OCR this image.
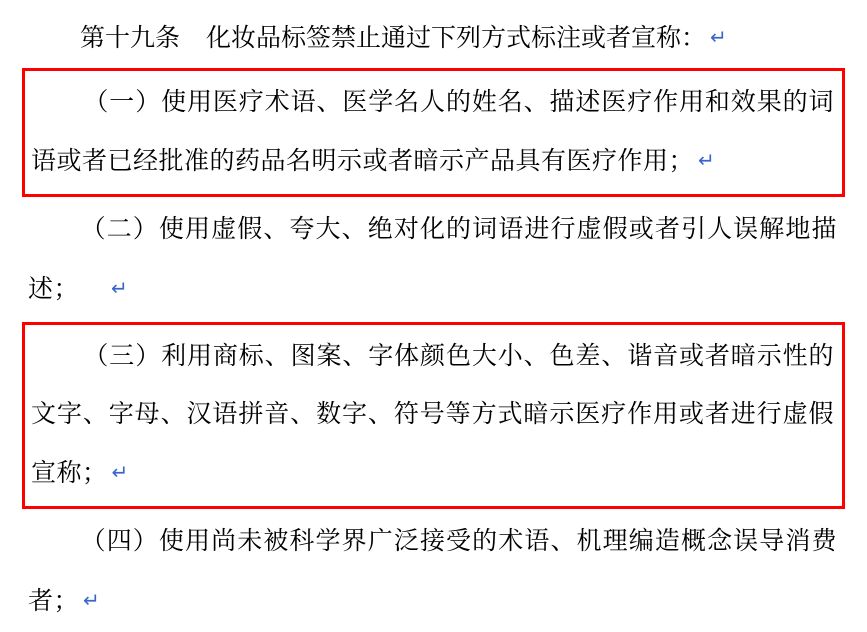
第十九条 化妆品标签禁止通过下列方式标注或者宣称： ↵

（一）使用医疗术语、医学名人的姓名、描述医疗作用和效果的词语或者已经批准的药品名明示或者暗示产品具有医疗作用； ↵

（二）使用虚假、夸大、绝对化的词语进行虚假或者引人误解地描述； ↵

（三）利用商标、图案、字体颜色大小、色差、谐音或者暗示性的文字、字母、汉语拼音、数字、符号等方式暗示医疗作用或者进行虚假宣称； ↵

（四）使用尚未被科学界广泛接受的术语、机理编造概念误导消费者； ↵
